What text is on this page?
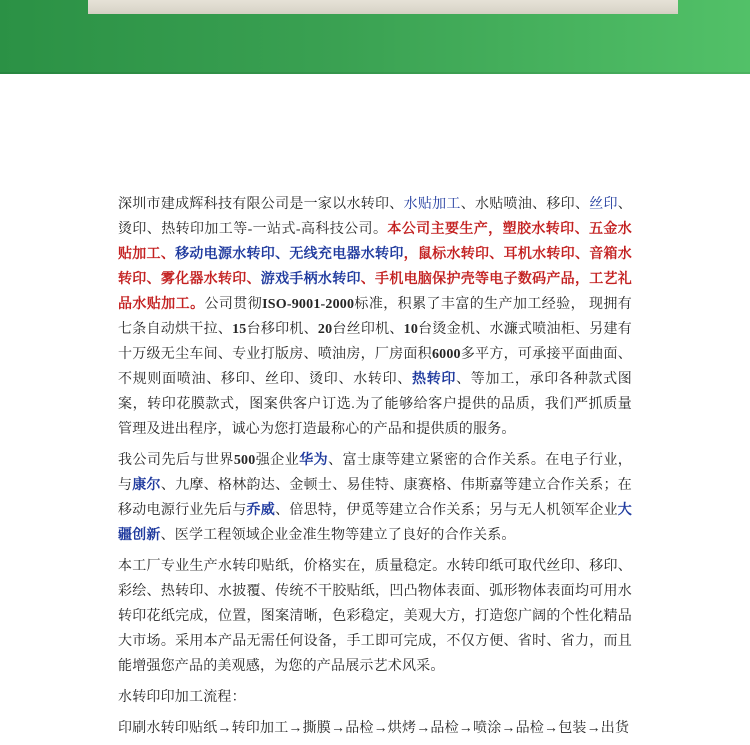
深圳市建成辉科技有限公司是一家以水转印、水贴加工、水贴喷油、移印、丝印、烫印、热转印加工等-一站式-高科技公司。本公司主要生产，塑胶水转印、五金水贴加工、移动电源水转印、无线充电器水转印，鼠标水转印、耳机水转印、音箱水转印、雾化器水转印、游戏手柄水转印、手机电脑保护壳等电子数码产品，工艺礼品水贴加工。公司贯彻ISO-9001-2000标准，积累了丰富的生产加工经验， 现拥有七条自动烘干拉、15台移印机、20台丝印机、10台烫金机、水濂式喷油柜、另建有十万级无尘车间、专业打版房、喷油房，厂房面积6000多平方，可承接平面曲面、不规则面喷油、移印、丝印、烫印、水转印、热转印、等加工，承印各种款式图案，转印花膜款式，图案供客户订选.为了能够给客户提供的品质，我们严抓质量管理及进出程序，诚心为您打造最称心的产品和提供质的服务。

我公司先后与世界500强企业华为、富士康等建立紧密的合作关系。在电子行业，与康尔、九摩、格林韵达、金顿士、易佳特、康赛格、伟斯嘉等建立合作关系；在移动电源行业先后与乔威、倍思特，伊觅等建立合作关系；另与无人机领军企业大疆创新、医学工程领域企业金准生物等建立了良好的合作关系。

本工厂专业生产水转印贴纸，价格实在，质量稳定。水转印纸可取代丝印、移印、彩绘、热转印、水披覆、传统不干胶贴纸，凹凸物体表面、弧形物体表面均可用水转印花纸完成，位置，图案清晰，色彩稳定，美观大方，打造您广阔的个性化精品大市场。采用本产品无需任何设备，手工即可完成，不仅方便、省时、省力，而且能增强您产品的美观感，为您的产品展示艺术风采。

水转印印加工流程：

印刷水转印贴纸→转印加工→撕膜→品检→烘烤→品检→喷涂→品检→包装→出货
